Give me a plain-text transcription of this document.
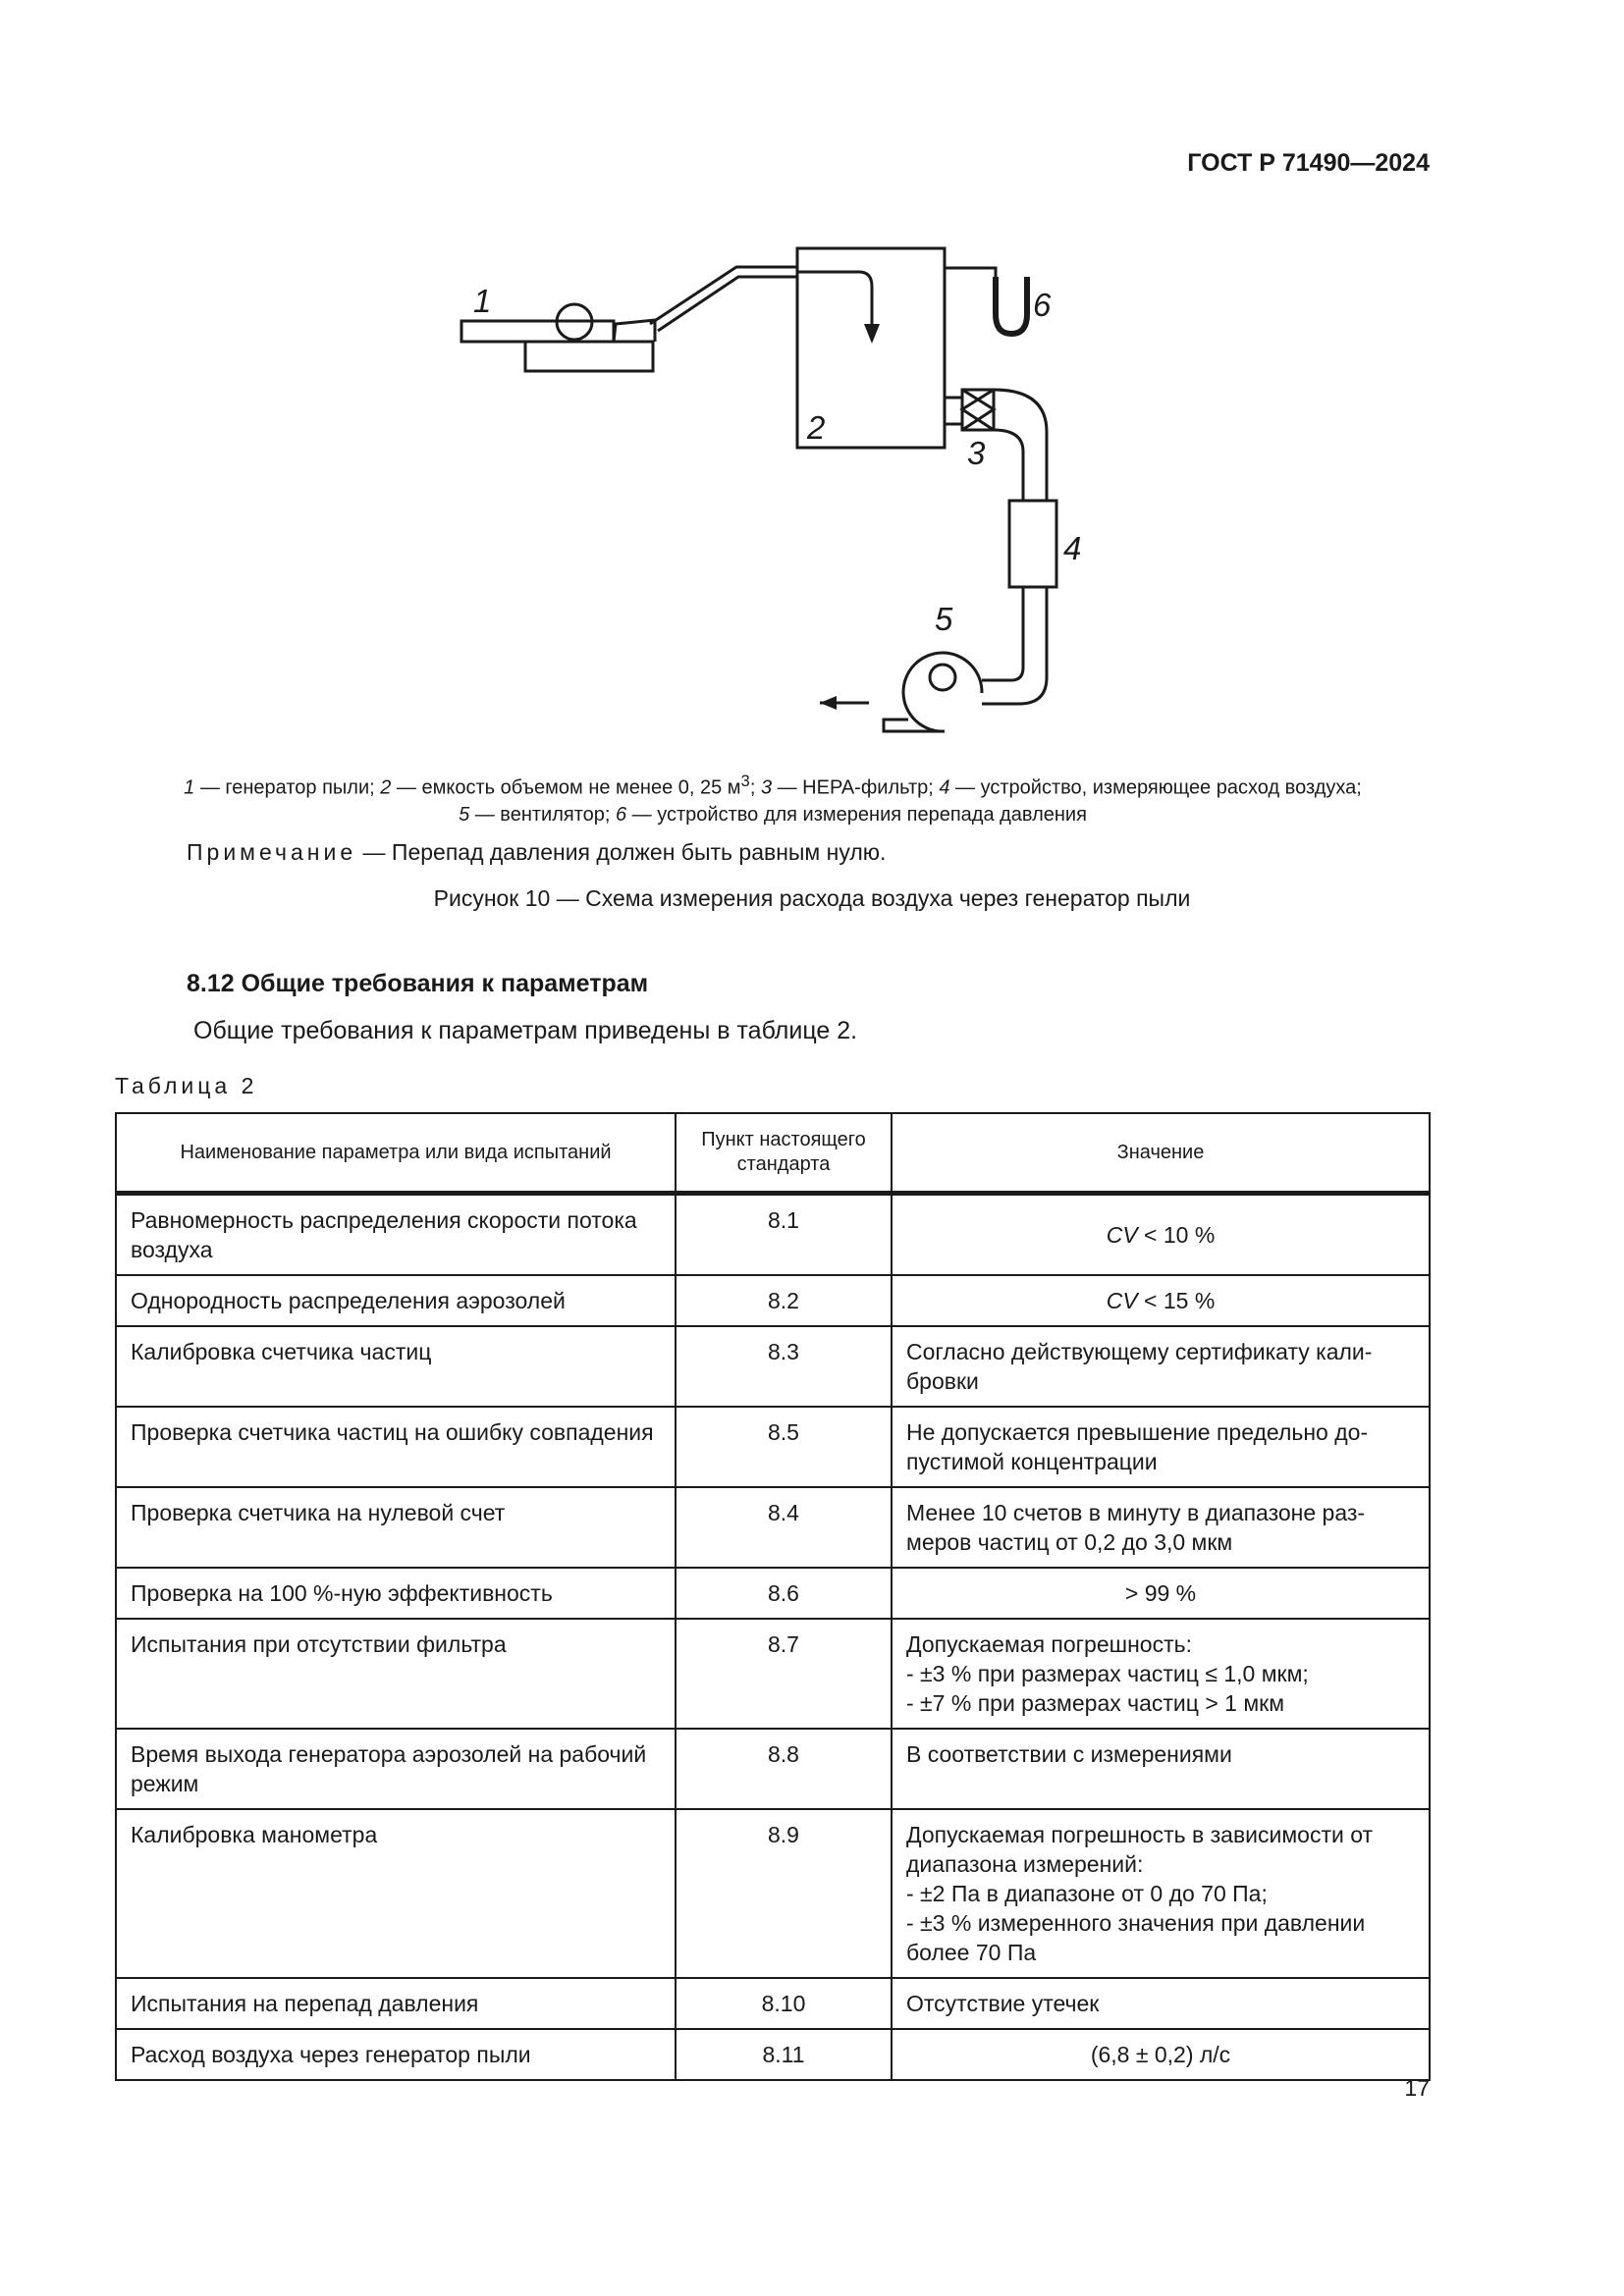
ГОСТ Р 71490—2024
1
2
3
4
5
6
1 — генератор пыли; 2 — емкость объемом не менее 0, 25 $м^3$; 3 — HEPA-фильтр; 4 — устройство, измеряющее расход воздуха;
5 — вентилятор; 6 — устройство для измерения перепада давления
Примечание — Перепад давления должен быть равным нулю.
Рисунок 10 — Схема измерения расхода воздуха через генератор пыли
8.12 Общие требования к параметрам
Общие требования к параметрам приведены в таблице 2.
Таблица 2
Наименование параметра или вида испытаний	Пункт настоящего стандарта	Значение
Равномерность распределения скорости потока воздуха	8.1	CV < 10 %

Однородность распределения аэрозолей	8.2	CV < 15 %

Калибровка счетчика частиц	8.3	Согласно действующему сертификату кали-
бровки

Проверка счетчика частиц на ошибку совпадения	8.5	Не допускается превышение предельно до-
пустимой концентрации

Проверка счетчика на нулевой счет	8.4	Менее 10 счетов в минуту в диапазоне раз-
меров частиц от 0,2 до 3,0 мкм

Проверка на 100 %-ную эффективность	8.6	> 99 %

Испытания при отсутствии фильтра	8.7	Допускаемая погрешность:
- ±3 % при размерах частиц ≤ 1,0 мкм;
- ±7 % при размерах частиц > 1 мкм

Время выхода генератора аэрозолей на рабочий режим	8.8	В соответствии с измерениями

Калибровка манометра	8.9	Допускаемая погрешность в зависимости от
диапазона измерений:
- ±2 Па в диапазоне от 0 до 70 Па;
- ±3 % измеренного значения при давлении
более 70 Па

Испытания на перепад давления	8.10	Отсутствие утечек

Расход воздуха через генератор пыли	8.11	(6,8 ± 0,2) л/с
17
